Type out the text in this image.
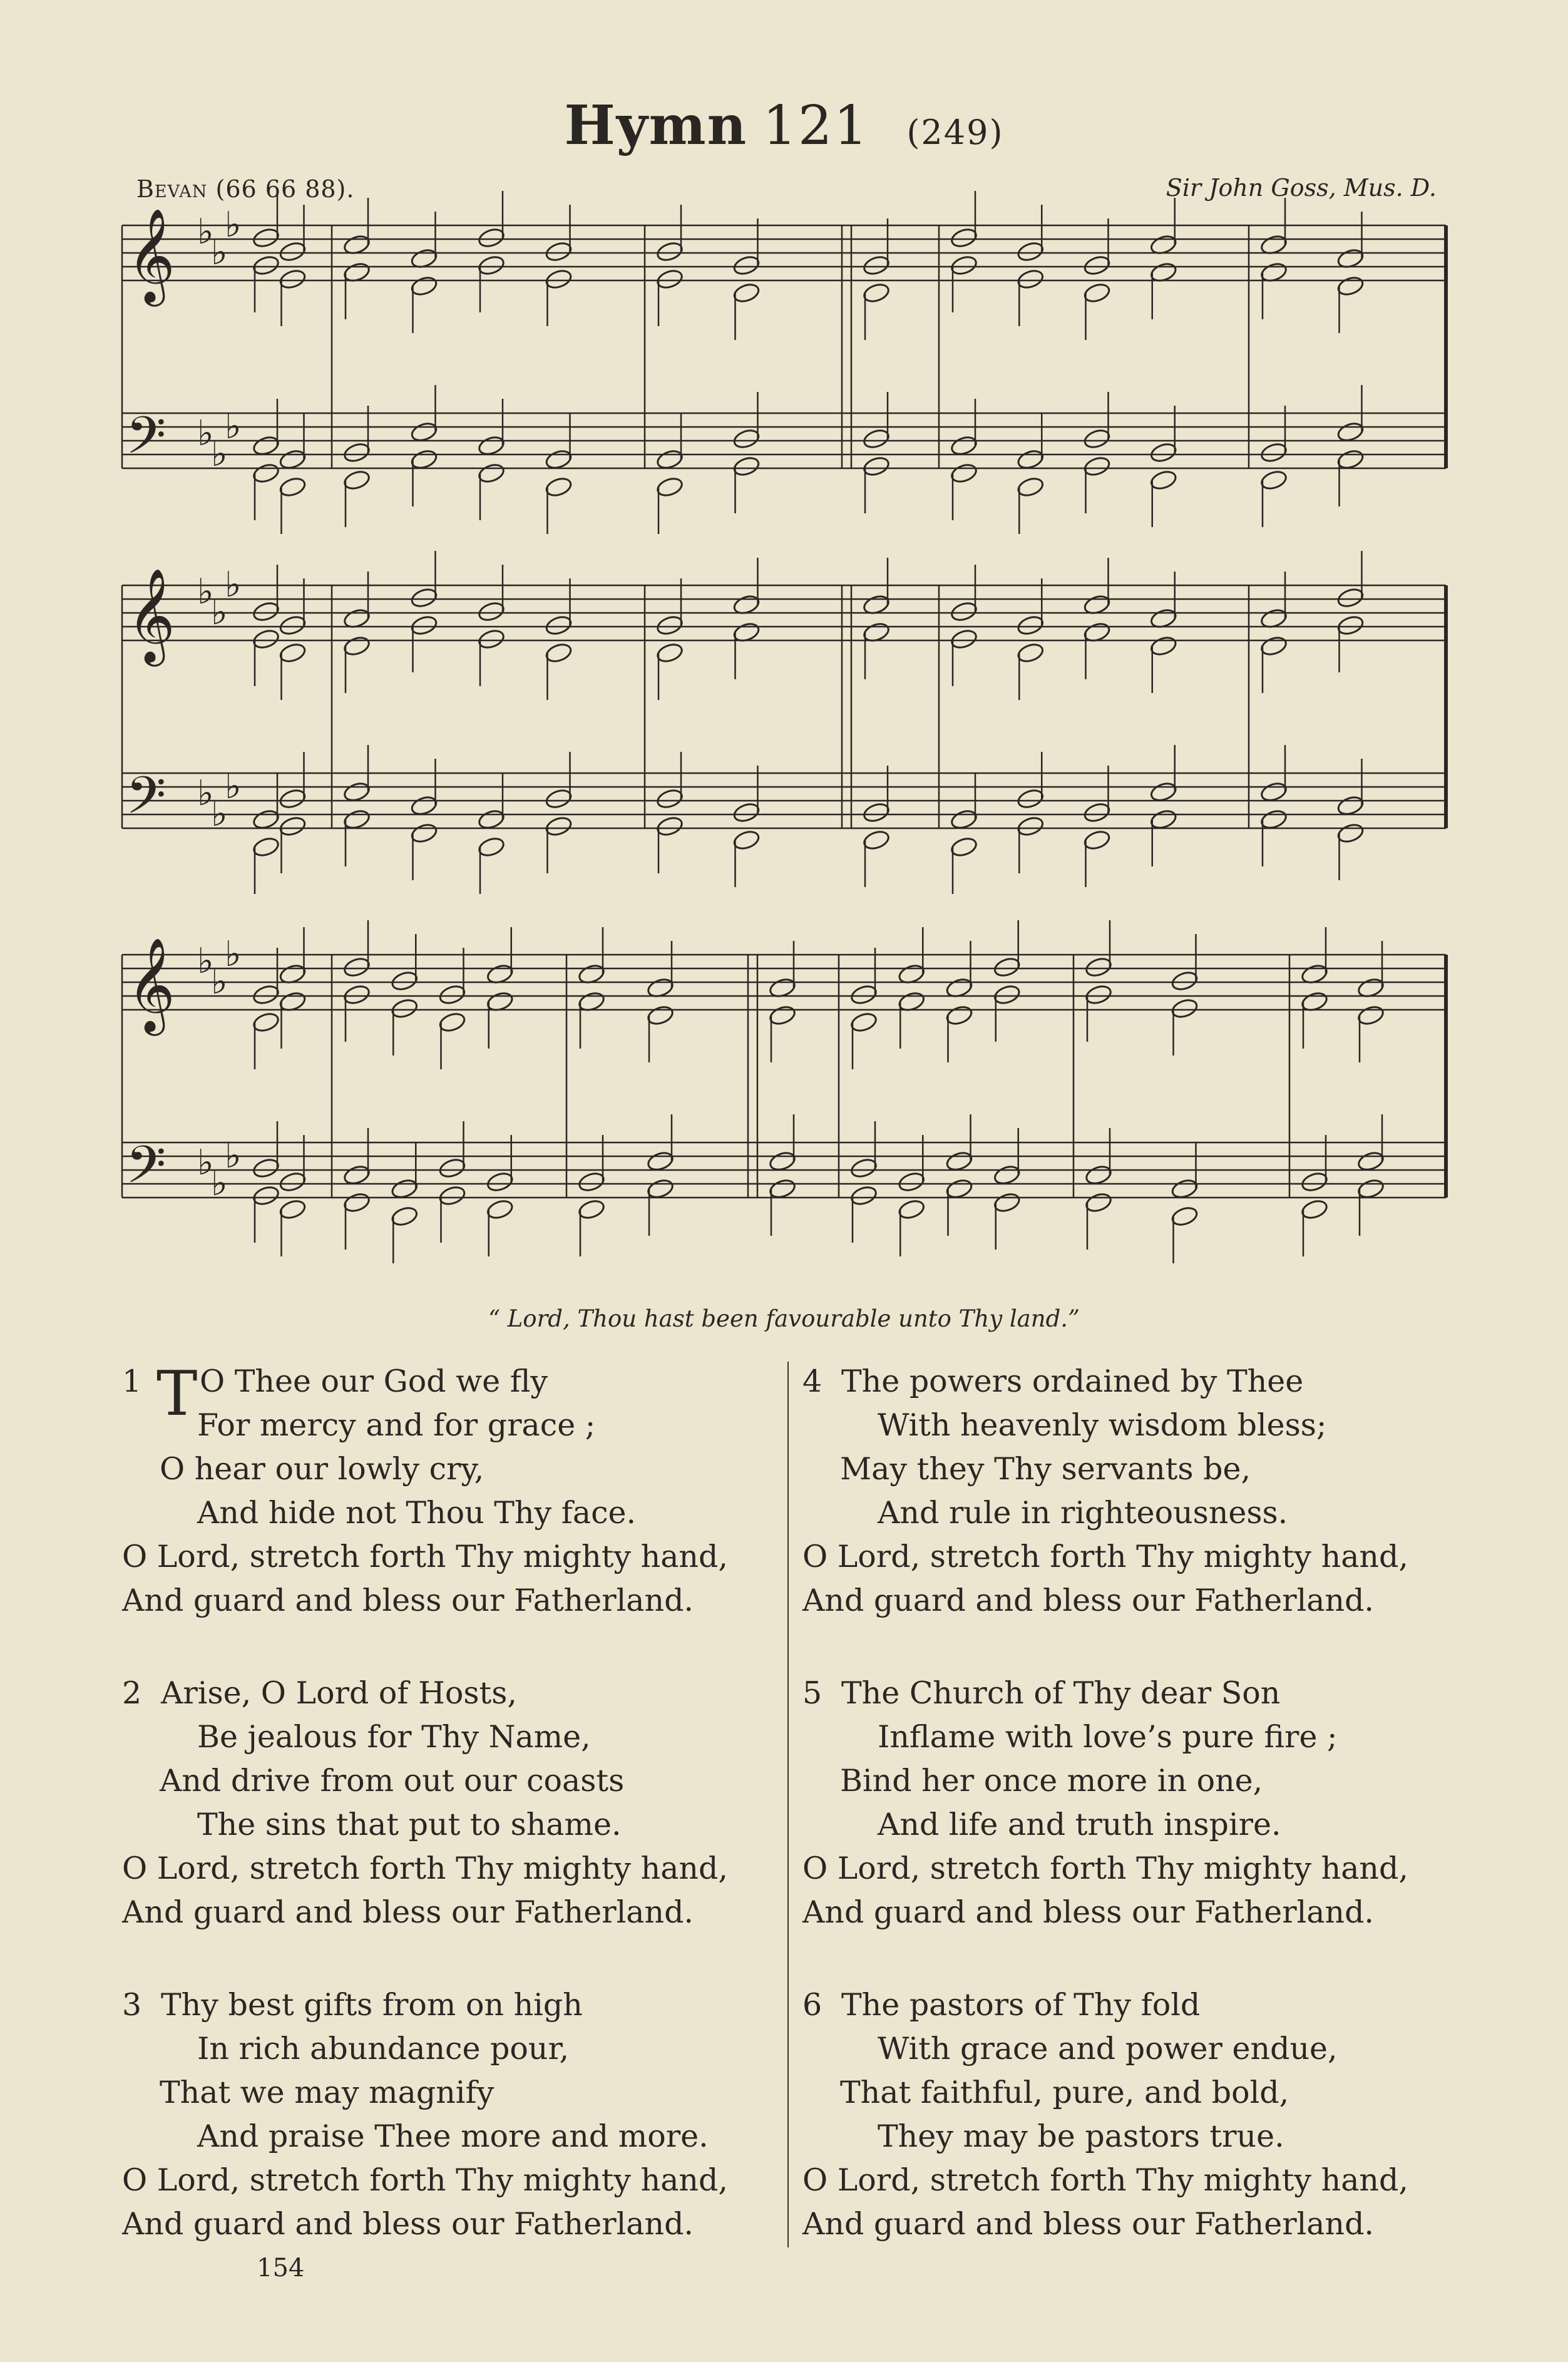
Hymn 121 (249)
Bevan (66 66 88).	Sir John Goss, Mus. D.
𝄞
𝄢
♭
♭
♭
♭
♭
♭
𝄞
𝄢
♭
♭
♭
♭
♭
♭
𝄞
𝄢
♭
♭
♭
♭
♭
♭
“ Lord, Thou hast been favourable unto Thy land.”
T
1 O Thee our God we fly
For mercy and for grace ;
O hear our lowly cry,
And hide not Thou Thy face.
O Lord, stretch forth Thy mighty hand,
And guard and bless our Fatherland.
2 Arise, O Lord of Hosts,
Be jealous for Thy Name,
And drive from out our coasts
The sins that put to shame.
O Lord, stretch forth Thy mighty hand,
And guard and bless our Fatherland.
3 Thy best gifts from on high
In rich abundance pour,
That we may magnify
And praise Thee more and more.
O Lord, stretch forth Thy mighty hand,
And guard and bless our Fatherland.
4 The powers ordained by Thee
With heavenly wisdom bless;
May they Thy servants be,
And rule in righteousness.
O Lord, stretch forth Thy mighty hand,
And guard and bless our Fatherland.
5 The Church of Thy dear Son
Inflame with love’s pure fire ;
Bind her once more in one,
And life and truth inspire.
O Lord, stretch forth Thy mighty hand,
And guard and bless our Fatherland.
6 The pastors of Thy fold
With grace and power endue,
That faithful, pure, and bold,
They may be pastors true.
O Lord, stretch forth Thy mighty hand,
And guard and bless our Fatherland.
154
